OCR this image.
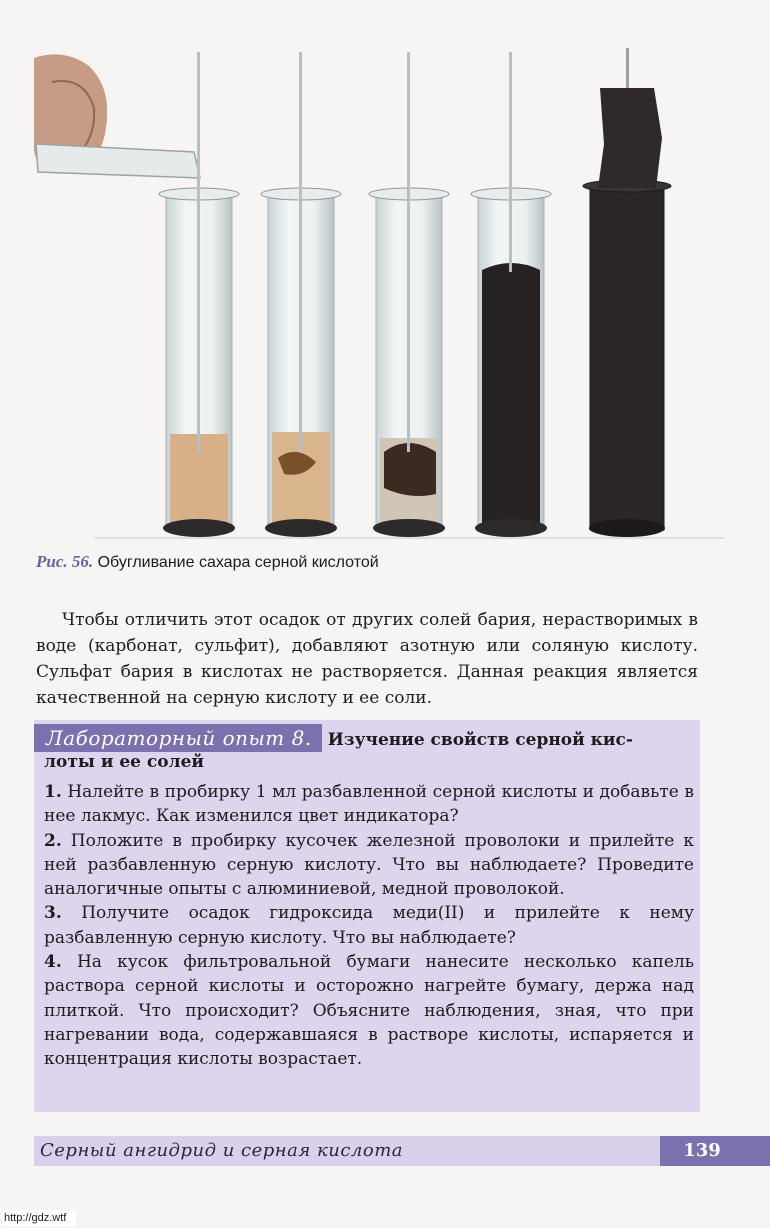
Рис. 56. Обугливание сахара серной кислотой

Чтобы отличить этот осадок от других солей бария, нерастворимых в воде (карбонат, сульфит), добавляют азотную или соляную кислоту. Сульфат бария в кислотах не растворяется. Данная реакция является качественной на серную кислоту и ее соли.

Лабораторный опыт 8. Изучение свойств серной кис-
лоты и ее солей

1. Налейте в пробирку 1 мл разбавленной серной кислоты и добавьте в нее лакмус. Как изменился цвет индикатора?

2. Положите в пробирку кусочек железной проволоки и прилейте к ней разбавленную серную кислоту. Что вы наблюдаете? Проведите аналогичные опыты с алюминиевой, медной проволокой.

3. Получите осадок гидроксида меди(II) и прилейте к нему разбавленную серную кислоту. Что вы наблюдаете?

4. На кусок фильтровальной бумаги нанесите несколько капель раствора серной кислоты и осторожно нагрейте бумагу, держа над плиткой. Что происходит? Объясните наблюдения, зная, что при нагревании вода, содержавшаяся в растворе кислоты, испаряется и концентрация кислоты возрастает.

Серный ангидрид и серная кислота	139
http://gdz.wtf
